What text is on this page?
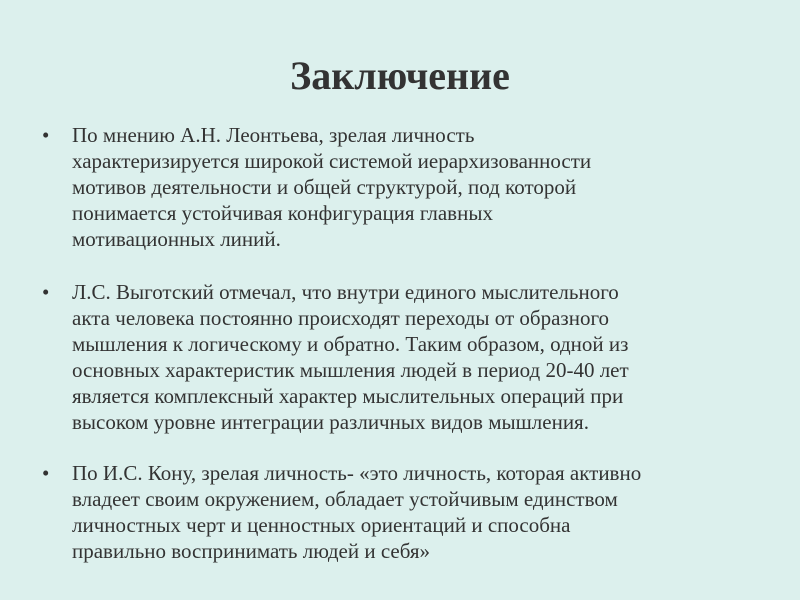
Заключение
• По мнению А.Н. Леонтьева, зрелая личность
характеризируется широкой системой иерархизованности
мотивов деятельности и общей структурой, под которой
понимается устойчивая конфигурация главных
мотивационных линий.
• Л.С. Выготский отмечал, что внутри единого мыслительного
акта человека постоянно происходят переходы от образного
мышления к логическому и обратно. Таким образом, одной из
основных характеристик мышления людей в период 20-40 лет
является комплексный характер мыслительных операций при
высоком уровне интеграции различных видов мышления.
• По И.С. Кону, зрелая личность- «это личность, которая активно
владеет своим окружением, обладает устойчивым единством
личностных черт и ценностных ориентаций и способна
правильно воспринимать людей и себя»
